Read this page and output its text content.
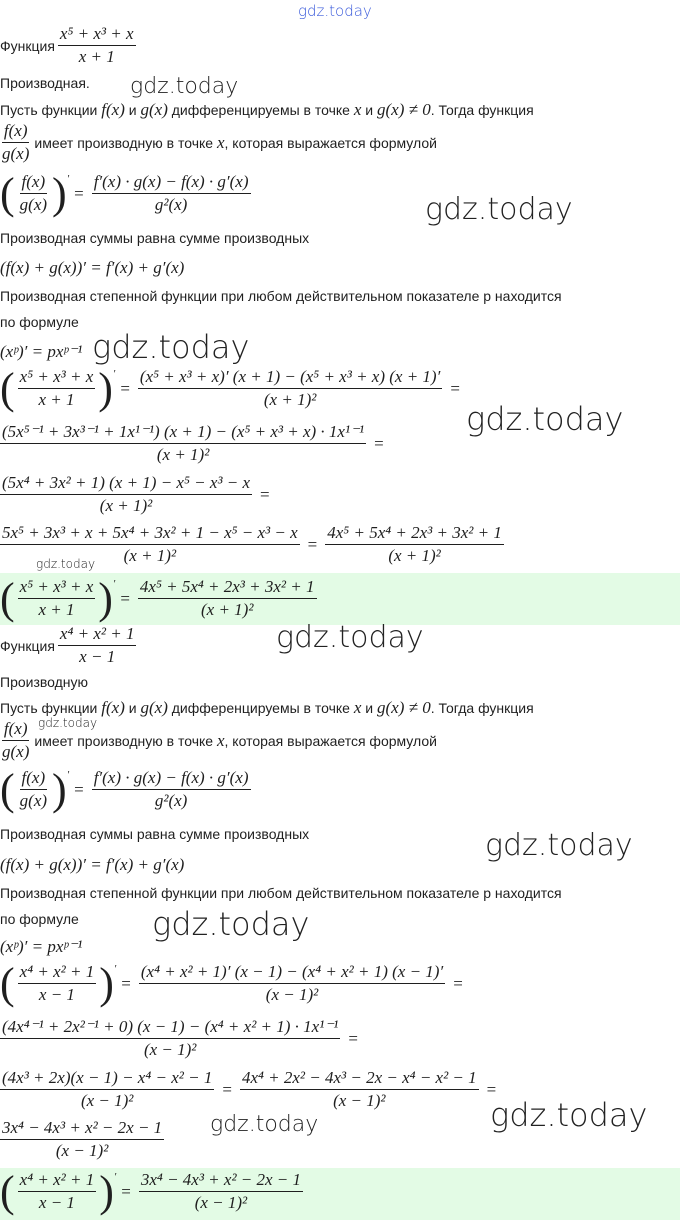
gdz.today
Функция $\frac{\text{x⁵ + x³ + x}}{x + 1}$
Производная.
Пусть функции f(x) и g(x) дифференцируемы в точке x и g(x) ≠ 0. Тогда функция
$\frac{f(x)}{g(x)}$ имеет производную в точке x, которая выражается формулой
( $\frac{f(x)}{g(x)} )'$
= $\frac{f'(x) \cdot g(x) - f(x) \cdot g'(x)}{\text{g²(x)}}$
Производная суммы равна сумме производных
(f(x) + g(x))′ = f′(x) + g′(x)
Производная степенной функции при любом действительном показателе p находится
по формуле
(xᵖ)′ = pxᵖ⁻¹
( $\frac{\text{x⁵ + x³ + x}}{x + 1} )'$
= $\frac{\text{(x⁵ + x³ + x)′ (x + 1) − (x⁵ + x³ + x) (x + 1)′}}{\text{(x + 1)²}}$ =
$\frac{\text{(5x⁵⁻¹ + 3x³⁻¹ + 1x¹⁻¹) (x + 1) − (x⁵ + x³ + x) · 1x¹⁻¹}}{\text{(x + 1)²}}$ =
$\frac{\text{(5x⁴ + 3x² + 1) (x + 1) − x⁵ − x³ − x}}{\text{(x + 1)²}}$ =
$\frac{\text{5x⁵ + 3x³ + x + 5x⁴ + 3x² + 1 − x⁵ − x³ − x}}{\text{(x + 1)²}} = \frac{\text{4x⁵ + 5x⁴ + 2x³ + 3x² + 1}}{\text{(x + 1)²}}$
( $\frac{\text{x⁵ + x³ + x}}{x + 1} )'$
= $\frac{\text{4x⁵ + 5x⁴ + 2x³ + 3x² + 1}}{\text{(x + 1)²}}$
Функция $\frac{\text{x⁴ + x² + 1}}{x - 1}$
Производную
Пусть функции f(x) и g(x) дифференцируемы в точке x и g(x) ≠ 0. Тогда функция
$\frac{f(x)}{g(x)}$ имеет производную в точке x, которая выражается формулой
( $\frac{f(x)}{g(x)} )'$
= $\frac{f'(x) \cdot g(x) - f(x) \cdot g'(x)}{\text{g²(x)}}$
Производная суммы равна сумме производных
(f(x) + g(x))′ = f′(x) + g′(x)
Производная степенной функции при любом действительном показателе p находится
по формуле
(xᵖ)′ = pxᵖ⁻¹
( $\frac{\text{x⁴ + x² + 1}}{x - 1} )'$
= $\frac{\text{(x⁴ + x² + 1)′ (x − 1) − (x⁴ + x² + 1) (x − 1)′}}{\text{(x − 1)²}}$ =
$\frac{\text{(4x⁴⁻¹ + 2x²⁻¹ + 0) (x − 1) − (x⁴ + x² + 1) · 1x¹⁻¹}}{\text{(x − 1)²}}$ =
$\frac{\text{(4x³ + 2x)(x − 1) − x⁴ − x² − 1}}{\text{(x − 1)²}} = \frac{\text{4x⁴ + 2x² − 4x³ − 2x − x⁴ − x² − 1}}{\text{(x − 1)²}}$ =
$\frac{\text{3x⁴ − 4x³ + x² − 2x − 1}}{\text{(x − 1)²}}$
( $\frac{\text{x⁴ + x² + 1}}{x - 1} )'$
= $\frac{\text{3x⁴ − 4x³ + x² − 2x − 1}}{\text{(x − 1)²}}$
gdz.today
gdz.today
gdz.today
gdz.today
gdz.today
gdz.today
gdz.today
gdz.today
gdz.today
gdz.today	gdz.today
